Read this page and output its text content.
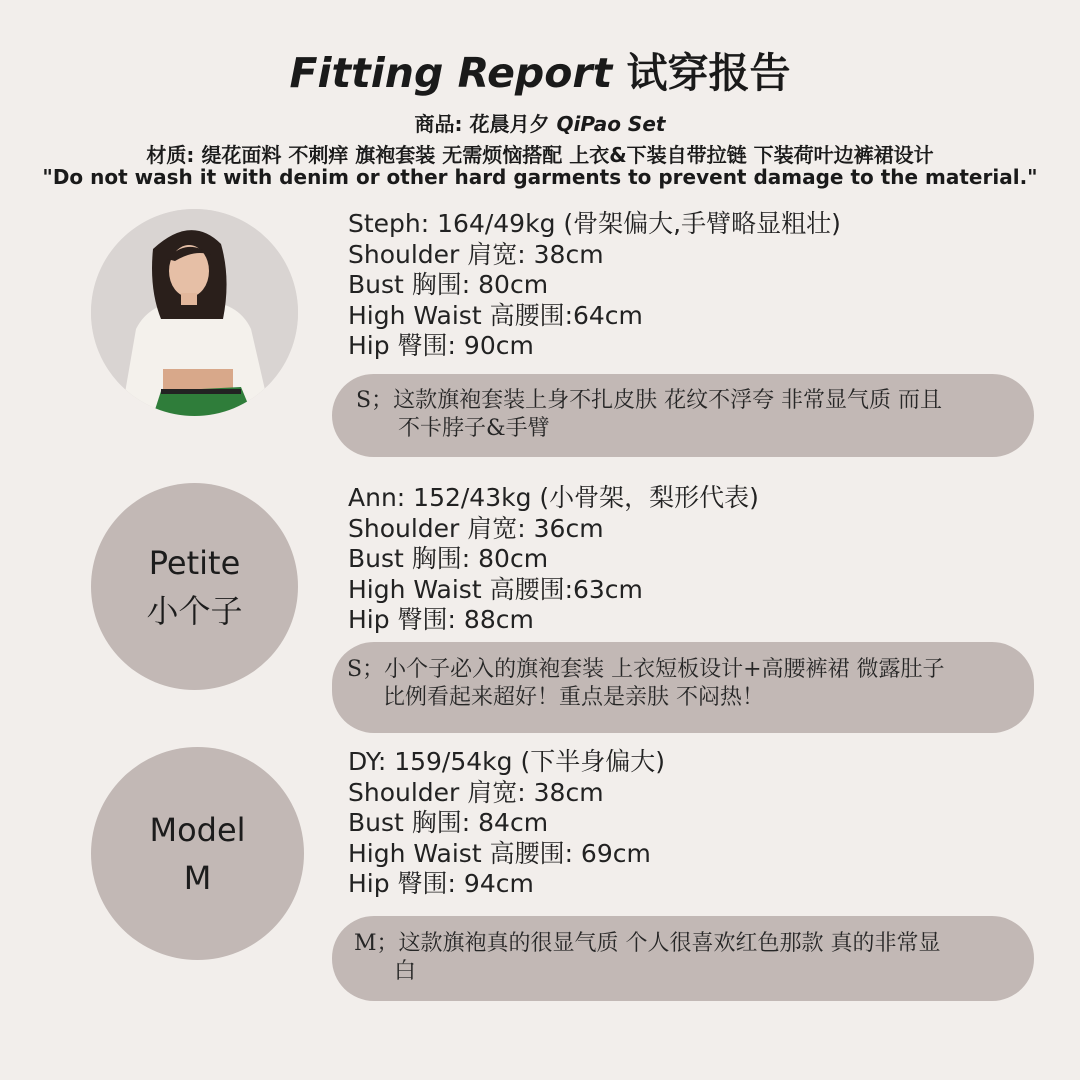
Fitting Report 试穿报告
商品: 花晨月夕 QiPao Set
材质: 缇花面料 不刺痒 旗袍套装 无需烦恼搭配 上衣&下装自带拉链 下装荷叶边裤裙设计
"Do not wash it with denim or other hard garments to prevent damage to the material."
Steph: 164/49kg (骨架偏大,手臂略显粗壮)
Shoulder 肩宽: 38cm
Bust 胸围: 80cm
High Waist 高腰围:64cm
Hip 臀围: 90cm
S；这款旗袍套装上身不扎皮肤 花纹不浮夸 非常显气质 而且
不卡脖子&手臂
Petite
小个子
Ann: 152/43kg (小骨架，梨形代表)
Shoulder 肩宽: 36cm
Bust 胸围: 80cm
High Waist 高腰围:63cm
Hip 臀围: 88cm
S；小个子必入的旗袍套装 上衣短板设计+高腰裤裙 微露肚子
比例看起来超好！重点是亲肤 不闷热！
Model
M
DY: 159/54kg (下半身偏大)
Shoulder 肩宽: 38cm
Bust 胸围: 84cm
High Waist 高腰围: 69cm
Hip 臀围: 94cm
M；这款旗袍真的很显气质 个人很喜欢红色那款 真的非常显
白
